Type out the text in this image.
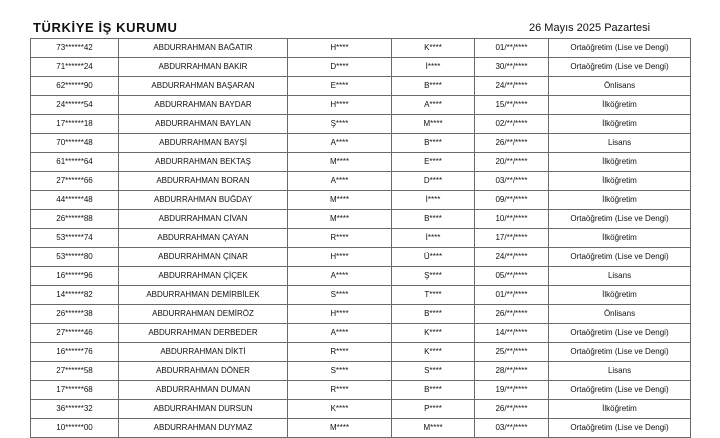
TÜRKİYE İŞ KURUMU	26 Mayıs 2025 Pazartesi
73******42	ABDURRAHMAN BAĞATIR	H****	K****	01/**/****	Ortaöğretim (Lise ve Dengi)
71******24	ABDURRAHMAN BAKIR	D****	İ****	30/**/****	Ortaöğretim (Lise ve Dengi)
62******90	ABDURRAHMAN BAŞARAN	E****	B****	24/**/****	Önlisans
24******54	ABDURRAHMAN BAYDAR	H****	A****	15/**/****	İlköğretim
17******18	ABDURRAHMAN BAYLAN	Ş****	M****	02/**/****	İlköğretim
70******48	ABDURRAHMAN BAYŞİ	A****	B****	26/**/****	Lisans
61******64	ABDURRAHMAN BEKTAŞ	M****	E****	20/**/****	İlköğretim
27******66	ABDURRAHMAN BORAN	A****	D****	03/**/****	İlköğretim
44******48	ABDURRAHMAN BUĞDAY	M****	İ****	09/**/****	İlköğretim
26******88	ABDURRAHMAN CİVAN	M****	B****	10/**/****	Ortaöğretim (Lise ve Dengi)
53******74	ABDURRAHMAN ÇAYAN	R****	İ****	17/**/****	İlköğretim
53******80	ABDURRAHMAN ÇINAR	H****	Ü****	24/**/****	Ortaöğretim (Lise ve Dengi)
16******96	ABDURRAHMAN ÇİÇEK	A****	Ş****	05/**/****	Lisans
14******82	ABDURRAHMAN DEMİRBİLEK	S****	T****	01/**/****	İlköğretim
26******38	ABDURRAHMAN DEMİRÖZ	H****	B****	26/**/****	Önlisans
27******46	ABDURRAHMAN DERBEDER	A****	K****	14/**/****	Ortaöğretim (Lise ve Dengi)
16******76	ABDURRAHMAN DİKTİ	R****	K****	25/**/****	Ortaöğretim (Lise ve Dengi)
27******58	ABDURRAHMAN DÖNER	S****	S****	28/**/****	Lisans
17******68	ABDURRAHMAN DUMAN	R****	B****	19/**/****	Ortaöğretim (Lise ve Dengi)
36******32	ABDURRAHMAN DURSUN	K****	P****	26/**/****	İlköğretim
10******00	ABDURRAHMAN DUYMAZ	M****	M****	03/**/****	Ortaöğretim (Lise ve Dengi)
